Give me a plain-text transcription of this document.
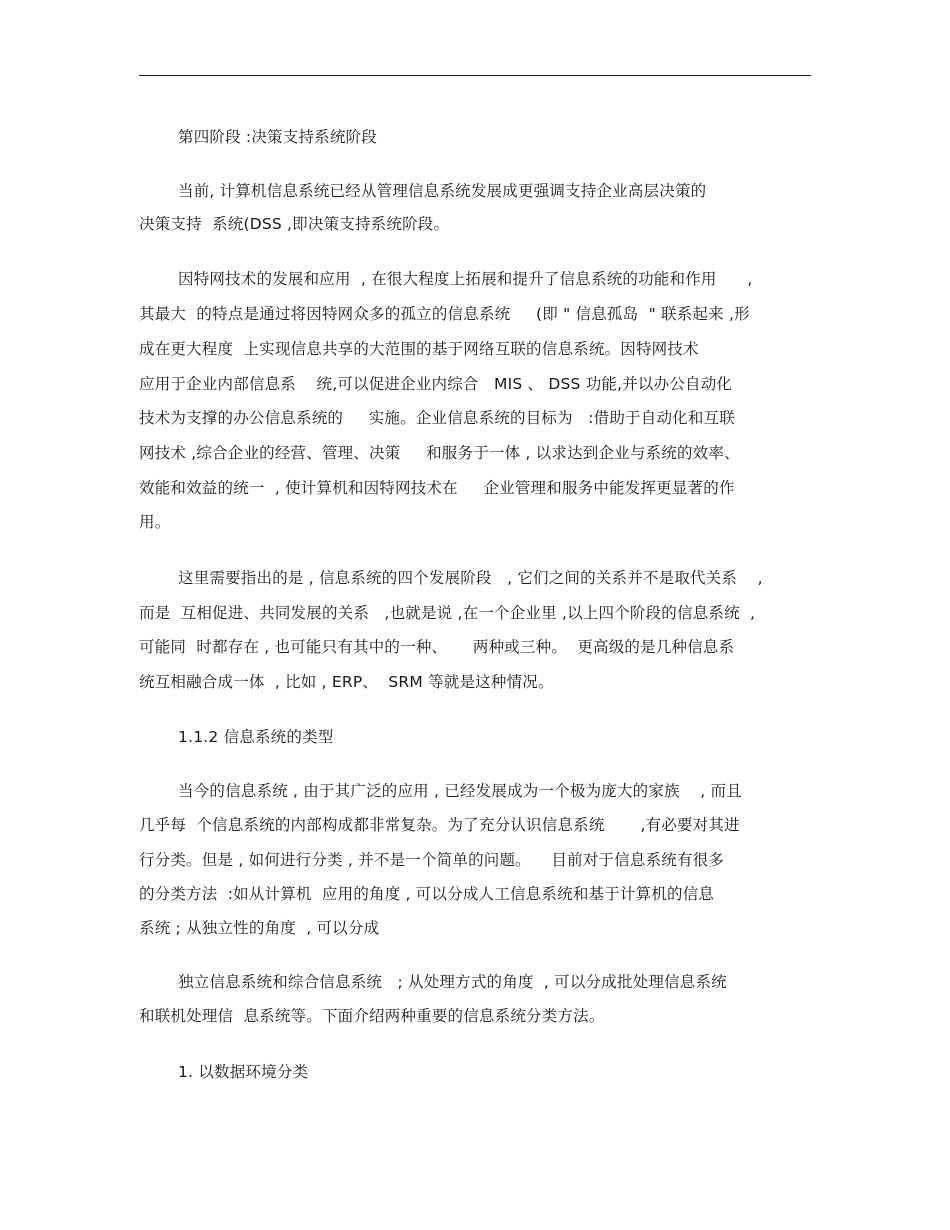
第四阶段 :决策支持系统阶段
当前, 计算机信息系统已经从管理信息系统发展成更强调支持企业高层决策的
决策支持  系统(DSS ,即决策支持系统阶段。
因特网技术的发展和应用  , 在很大程度上拓展和提升了信息系统的功能和作用      ,
其最大  的特点是通过将因特网众多的孤立的信息系统     (即 " 信息孤岛  " 联系起来 ,形
成在更大程度  上实现信息共享的大范围的基于网络互联的信息系统。因特网技术
应用于企业内部信息系    统,可以促进企业内综合   MIS 、 DSS 功能,并以办公自动化
技术为支撑的办公信息系统的     实施。企业信息系统的目标为   :借助于自动化和互联
网技术 ,综合企业的经营、管理、决策     和服务于一体 , 以求达到企业与系统的效率、
效能和效益的统一  , 使计算机和因特网技术在     企业管理和服务中能发挥更显著的作
用。
这里需要指出的是 , 信息系统的四个发展阶段   , 它们之间的关系并不是取代关系    ,
而是  互相促进、共同发展的关系   ,也就是说 ,在一个企业里 ,以上四个阶段的信息系统  ,
可能同  时都存在 , 也可能只有其中的一种、     两种或三种。  更高级的是几种信息系
统互相融合成一体  , 比如 , ERP、  SRM 等就是这种情况。
1.1.2 信息系统的类型
当今的信息系统 , 由于其广泛的应用 , 已经发展成为一个极为庞大的家族    , 而且
几乎每  个信息系统的内部构成都非常复杂。为了充分认识信息系统       ,有必要对其进
行分类。但是 , 如何进行分类 , 并不是一个简单的问题。    目前对于信息系统有很多
的分类方法  :如从计算机  应用的角度 , 可以分成人工信息系统和基于计算机的信息
系统 ; 从独立性的角度  , 可以分成
独立信息系统和综合信息系统   ; 从处理方式的角度  , 可以分成批处理信息系统
和联机处理信  息系统等。下面介绍两种重要的信息系统分类方法。
1. 以数据环境分类
